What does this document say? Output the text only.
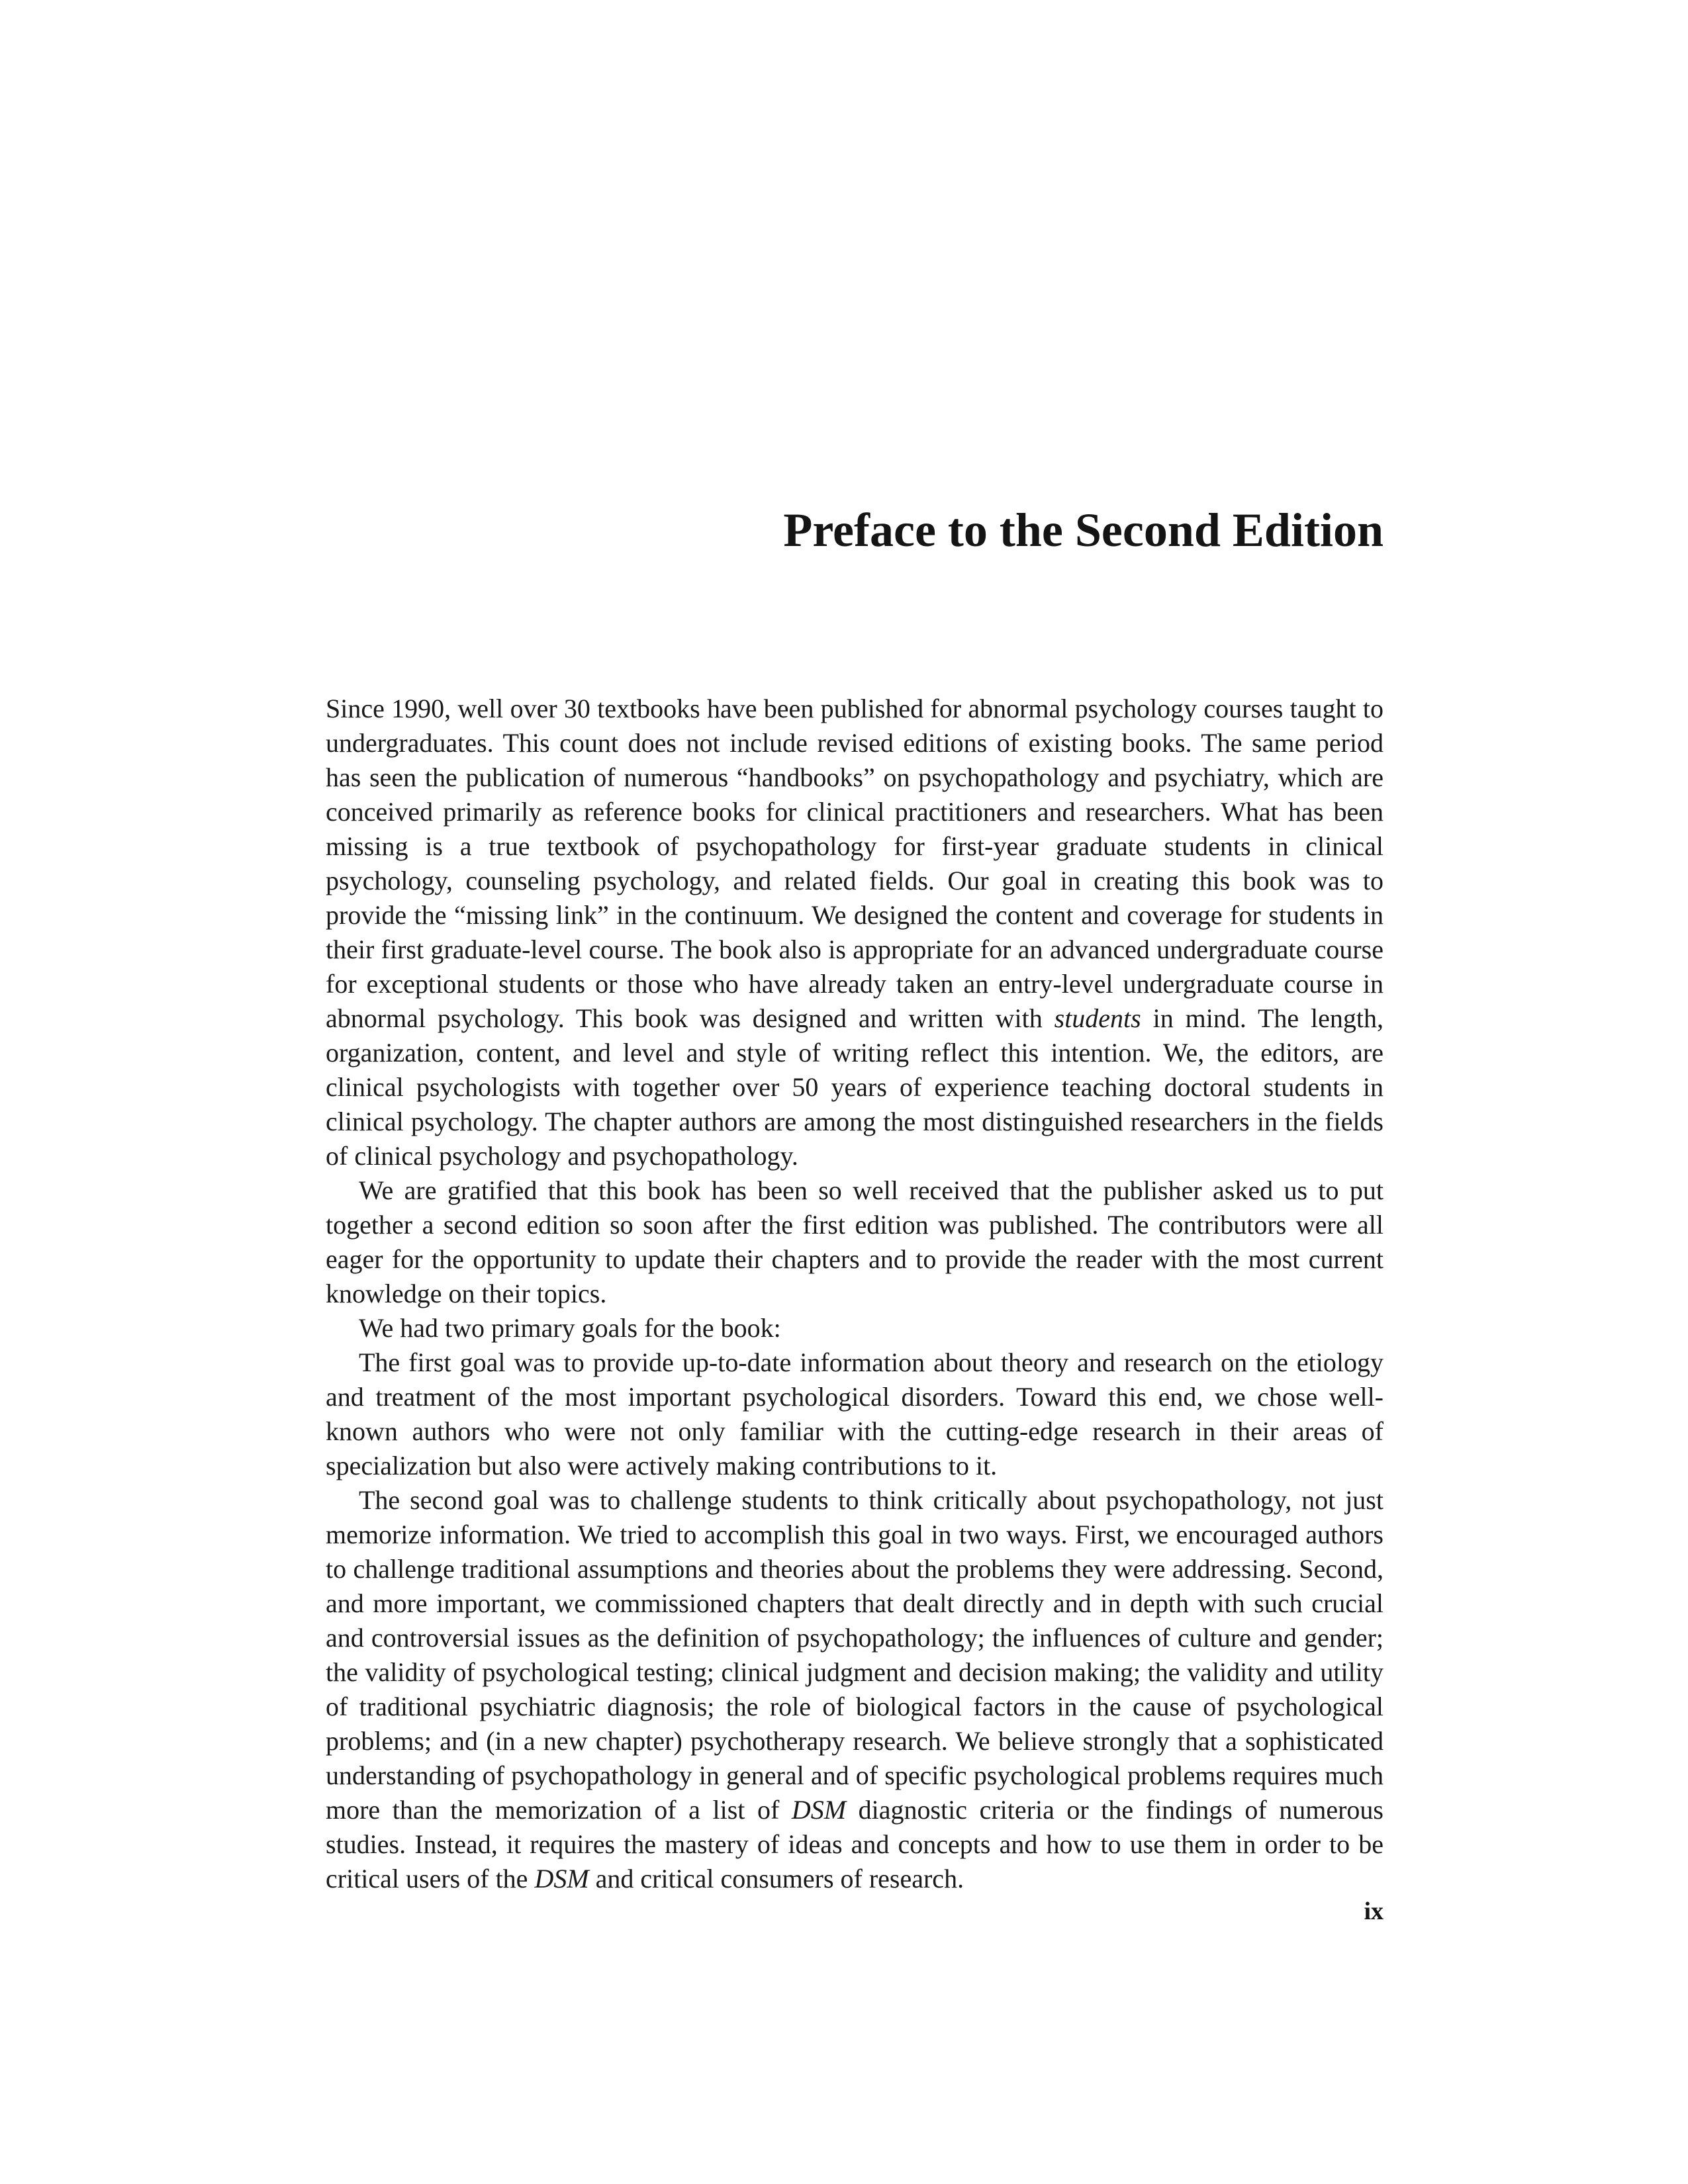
Preface to the Second Edition

Since 1990, well over 30 textbooks have been published for abnormal psychology courses taught to undergraduates. This count does not include revised editions of existing books. The same period has seen the publication of numerous “handbooks” on psychopathology and psychiatry, which are conceived primarily as reference books for clinical practitioners and researchers. What has been missing is a true textbook of psychopathology for first-year graduate students in clinical psychology, counseling psychology, and related fields. Our goal in creating this book was to provide the “missing link” in the continuum. We designed the content and coverage for students in their first graduate-level course. The book also is appropriate for an advanced undergraduate course for exceptional students or those who have already taken an entry-level undergraduate course in abnormal psychology. This book was designed and written with students in mind. The length, organization, content, and level and style of writing reflect this intention. We, the editors, are clinical psychologists with together over 50 years of experience teaching doctoral students in clinical psychology. The chapter authors are among the most distinguished researchers in the fields of clinical psychology and psychopathology.

We are gratified that this book has been so well received that the publisher asked us to put together a second edition so soon after the first edition was published. The contributors were all eager for the opportunity to update their chapters and to provide the reader with the most current knowledge on their topics.

We had two primary goals for the book:

The first goal was to provide up-to-date information about theory and research on the etiology and treatment of the most important psychological disorders. Toward this end, we chose well-known authors who were not only familiar with the cutting-edge research in their areas of specialization but also were actively making contributions to it.

The second goal was to challenge students to think critically about psychopathology, not just memorize information. We tried to accomplish this goal in two ways. First, we encouraged authors to challenge traditional assumptions and theories about the problems they were addressing. Second, and more important, we commissioned chapters that dealt directly and in depth with such crucial and controversial issues as the definition of psychopathology; the influences of culture and gender; the validity of psychological testing; clinical judgment and decision making; the validity and utility of traditional psychiatric diagnosis; the role of biological factors in the cause of psychological problems; and (in a new chapter) psychotherapy research. We believe strongly that a sophisticated understanding of psychopathology in general and of specific psychological problems requires much more than the memorization of a list of DSM diagnostic criteria or the findings of numerous studies. Instead, it requires the mastery of ideas and concepts and how to use them in order to be critical users of the DSM and critical consumers of research.

ix
